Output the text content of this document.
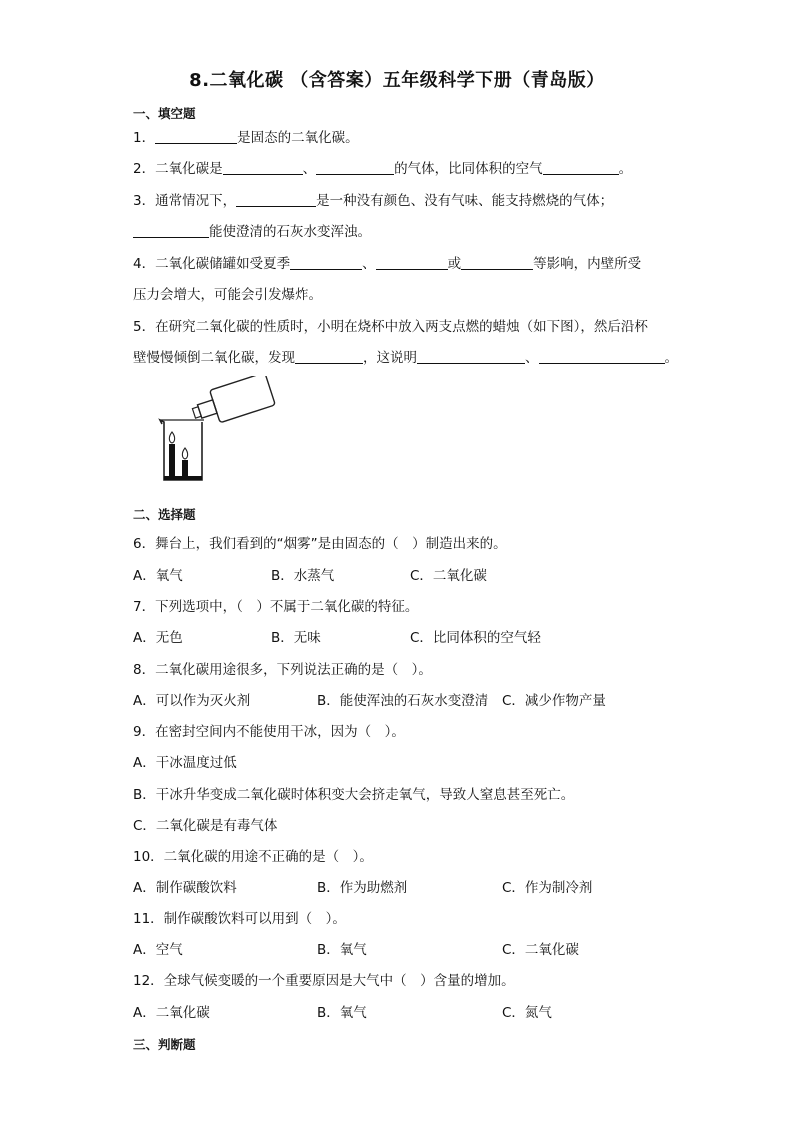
8.二氧化碳 （含答案）五年级科学下册（青岛版）
一、填空题
1．	是固态的二氧化碳。
2．二氧化碳是	、	的气体，比同体积的空气	。
3．通常情况下，	是一种没有颜色、没有气味、能支持燃烧的气体；
能使澄清的石灰水变浑浊。
4．二氧化碳储罐如受夏季	、	或	等影响，内壁所受
压力会增大，可能会引发爆炸。
5．在研究二氧化碳的性质时，小明在烧杯中放入两支点燃的蜡烛（如下图），然后沿杯
壁慢慢倾倒二氧化碳，发现	，这说明	、	。
二、选择题
6．舞台上，我们看到的“烟雾”是由固态的（　）制造出来的。
A．氧气	B．水蒸气	C．二氧化碳
7．下列选项中，（　）不属于二氧化碳的特征。
A．无色	B．无味	C．比同体积的空气轻
8．二氧化碳用途很多，下列说法正确的是（　）。
A．可以作为灭火剂	B．能使浑浊的石灰水变澄清 C．减少作物产量
9．在密封空间内不能使用干冰，因为（　）。
A．干冰温度过低
B．干冰升华变成二氧化碳时体积变大会挤走氧气，导致人窒息甚至死亡。
C．二氧化碳是有毒气体
10．二氧化碳的用途不正确的是（　）。
A．制作碳酸饮料	B．作为助燃剂	C．作为制冷剂
11．制作碳酸饮料可以用到（　）。
A．空气	B．氧气	C．二氧化碳
12．全球气候变暖的一个重要原因是大气中（　）含量的增加。
A．二氧化碳	B．氧气	C．氮气
三、判断题
